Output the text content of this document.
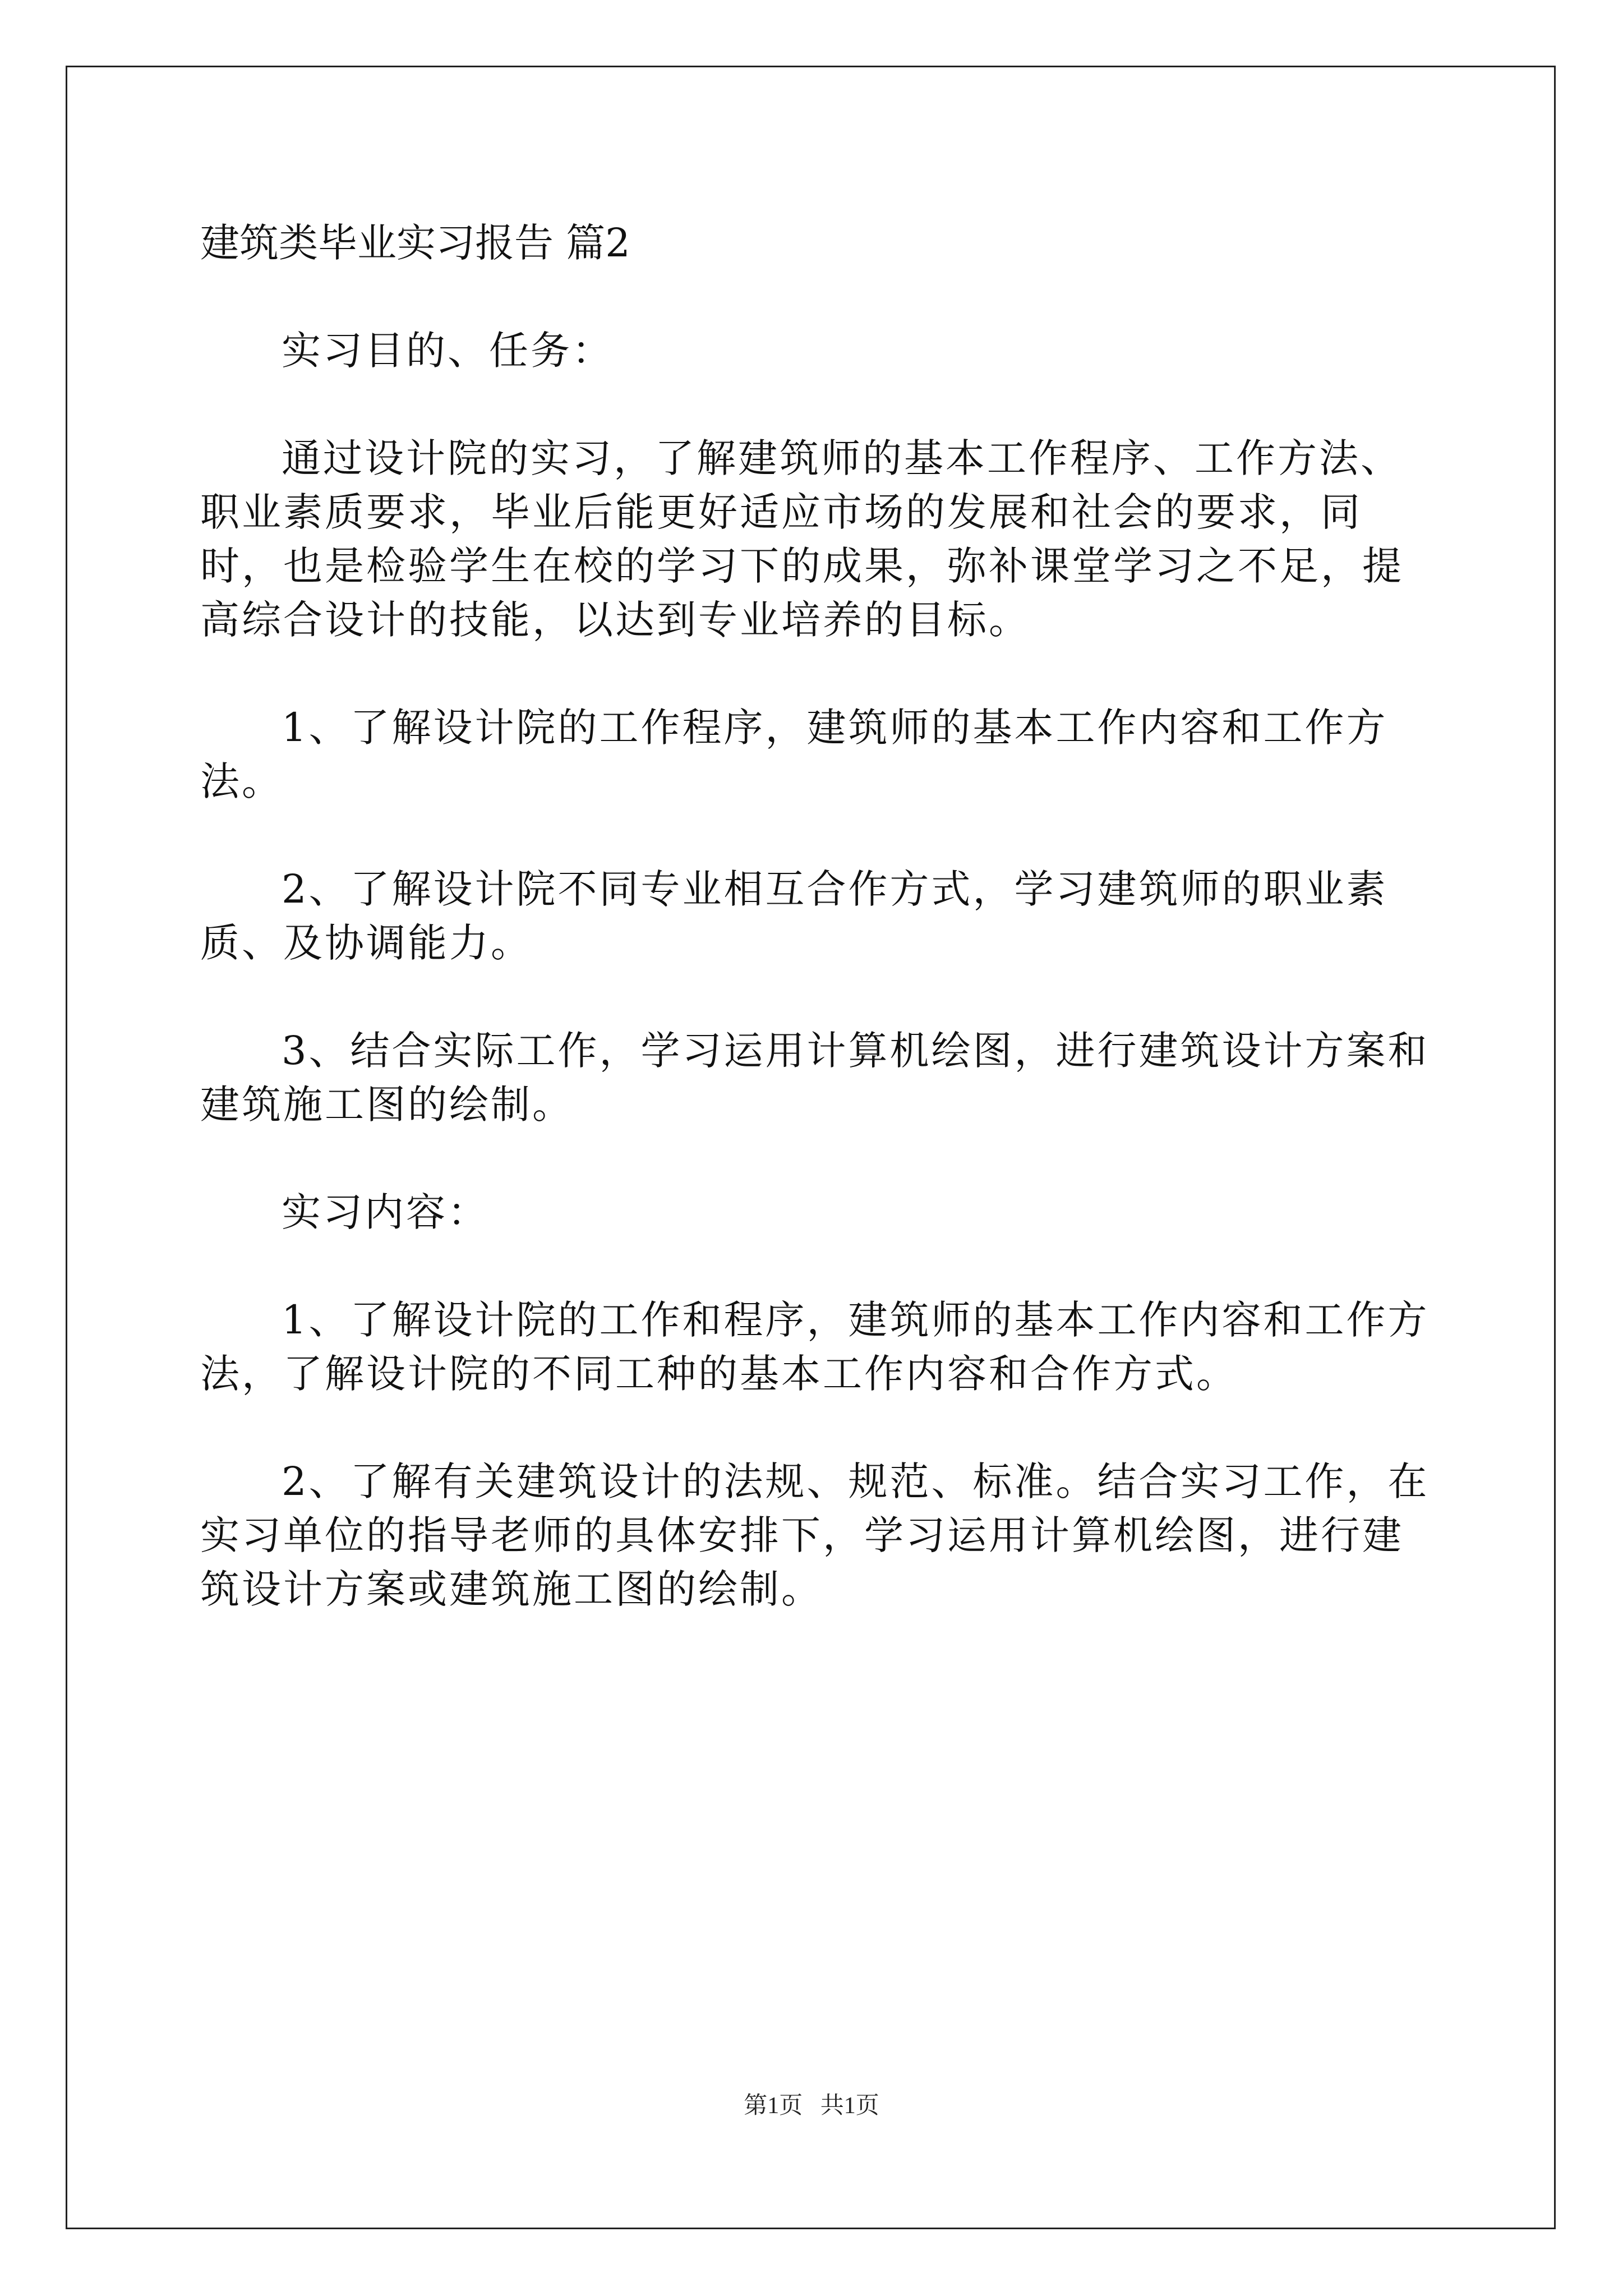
建筑类毕业实习报告 篇2

实习目的、任务：

通过设计院的实习，了解建筑师的基本工作程序、工作方法、职业素质要求，毕业后能更好适应市场的发展和社会的要求，同时，也是检验学生在校的学习下的成果，弥补课堂学习之不足，提高综合设计的技能，以达到专业培养的目标。

1、了解设计院的工作程序，建筑师的基本工作内容和工作方法。

2、了解设计院不同专业相互合作方式，学习建筑师的职业素质、及协调能力。

3、结合实际工作，学习运用计算机绘图，进行建筑设计方案和建筑施工图的绘制。

实习内容：

1、了解设计院的工作和程序，建筑师的基本工作内容和工作方法，了解设计院的不同工种的基本工作内容和合作方式。

2、了解有关建筑设计的法规、规范、标准。结合实习工作，在实习单位的指导老师的具体安排下，学习运用计算机绘图，进行建筑设计方案或建筑施工图的绘制。

第1页   共1页
